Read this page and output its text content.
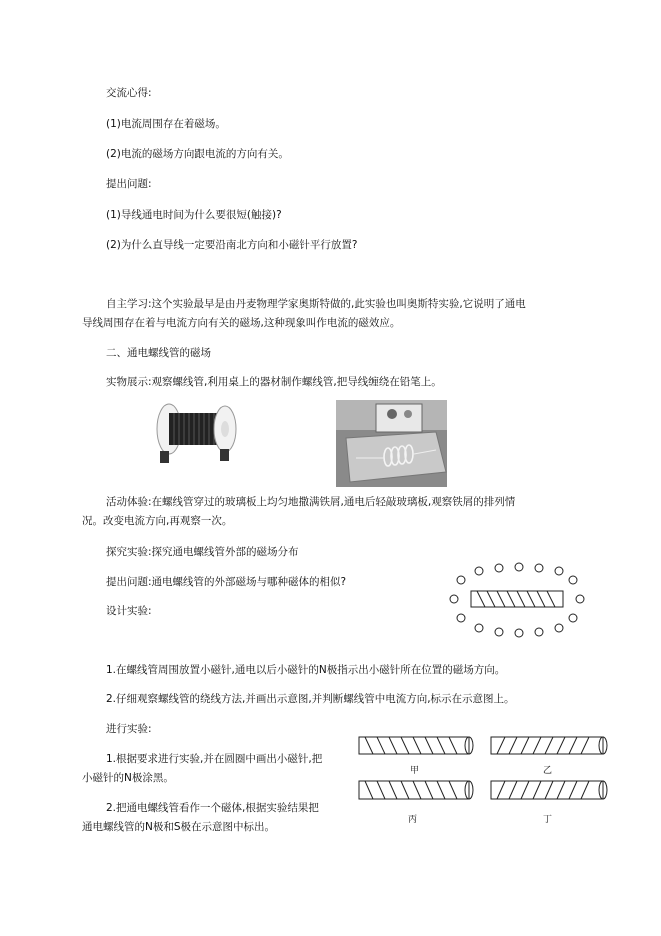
交流心得:
(1)电流周围存在着磁场。
(2)电流的磁场方向跟电流的方向有关。
提出问题:
(1)导线通电时间为什么要很短(触接)?
(2)为什么直导线一定要沿南北方向和小磁针平行放置?
自主学习:这个实验最早是由丹麦物理学家奥斯特做的,此实验也叫奥斯特实验,它说明了通电
导线周围存在着与电流方向有关的磁场,这种现象叫作电流的磁效应。
二、通电螺线管的磁场
实物展示:观察螺线管,利用桌上的器材制作螺线管,把导线缠绕在铅笔上。
活动体验:在螺线管穿过的玻璃板上均匀地撒满铁屑,通电后轻敲玻璃板,观察铁屑的排列情
况。改变电流方向,再观察一次。
探究实验:探究通电螺线管外部的磁场分布
提出问题:通电螺线管的外部磁场与哪种磁体的相似?
设计实验:
1.在螺线管周围放置小磁针,通电以后小磁针的N极指示出小磁针所在位置的磁场方向。
2.仔细观察螺线管的绕线方法,并画出示意图,并判断螺线管中电流方向,标示在示意图上。
进行实验:
1.根据要求进行实验,并在圆圈中画出小磁针,把
小磁针的N极涂黑。
2.把通电螺线管看作一个磁体,根据实验结果把
通电螺线管的N极和S极在示意图中标出。
甲	乙
丙	丁
